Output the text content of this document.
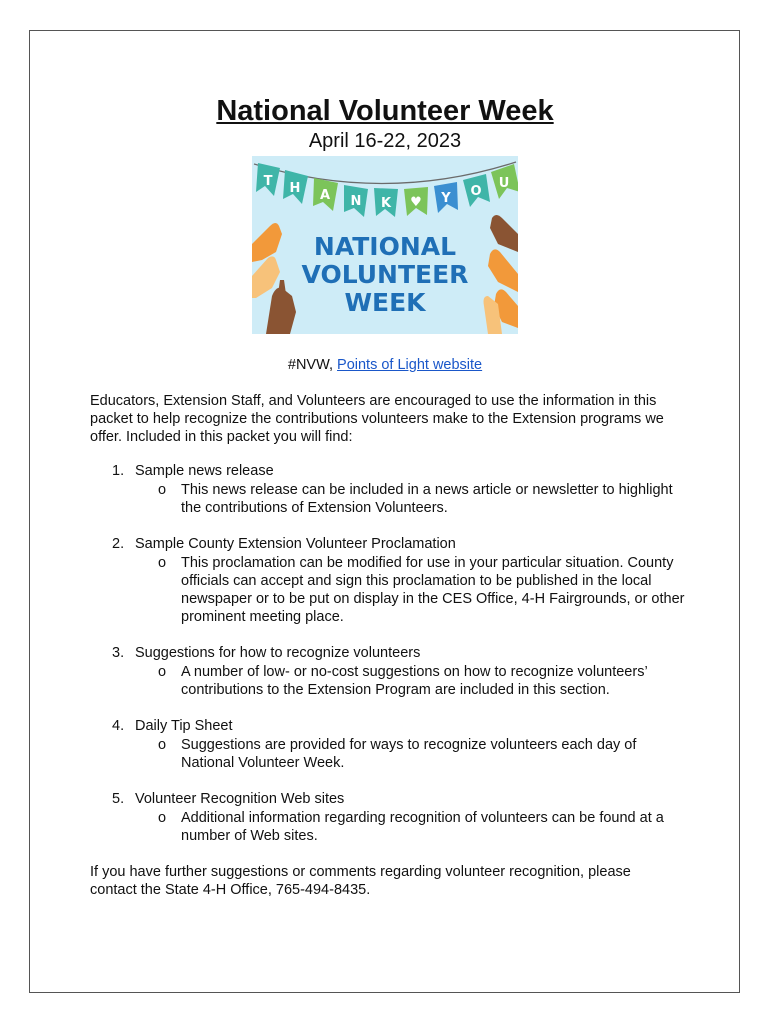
National Volunteer Week
April 16-22, 2023
T H A N K ♥ Y O
U
NATIONAL
VOLUNTEER
WEEK
#NVW, Points of Light website

Educators, Extension Staff, and Volunteers are encouraged to use the information in this packet to help recognize the contributions volunteers make to the Extension programs we offer. Included in this packet you will find:

1. Sample news release
o This news release can be included in a news article or newsletter to highlight the contributions of Extension Volunteers.
2. Sample County Extension Volunteer Proclamation
o This proclamation can be modified for use in your particular situation. County officials can accept and sign this proclamation to be published in the local newspaper or to be put on display in the CES Office, 4-H Fairgrounds, or other prominent meeting place.
3. Suggestions for how to recognize volunteers
o A number of low- or no-cost suggestions on how to recognize volunteers’ contributions to the Extension Program are included in this section.
4. Daily Tip Sheet
o Suggestions are provided for ways to recognize volunteers each day of National Volunteer Week.
5. Volunteer Recognition Web sites
o Additional information regarding recognition of volunteers can be found at a number of Web sites.

If you have further suggestions or comments regarding volunteer recognition, please contact the State 4-H Office, 765-494-8435.
